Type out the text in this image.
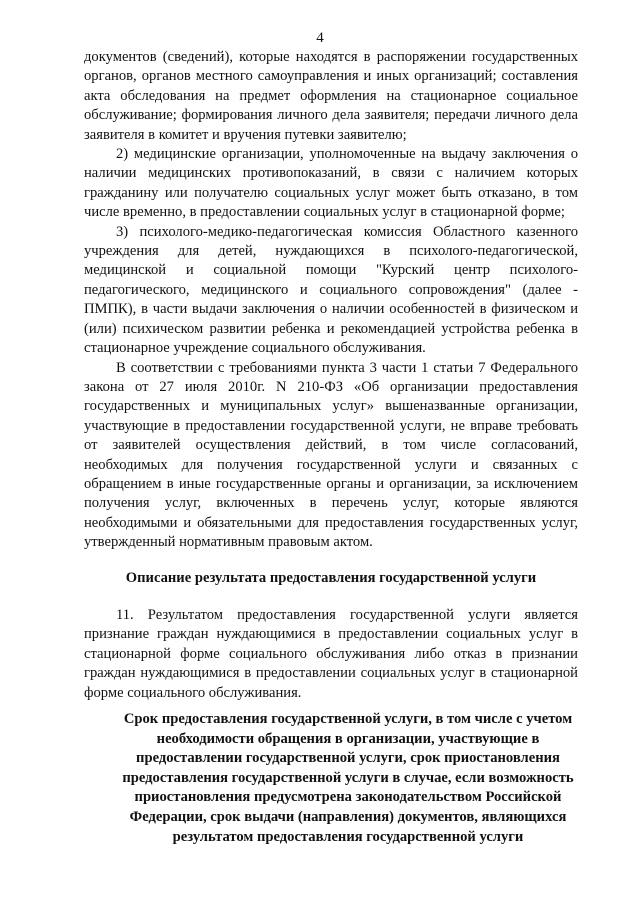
4

документов (сведений), которые находятся в распоряжении государственных органов, органов местного самоуправления и иных организаций; составления акта обследования на предмет оформления на стационарное социальное обслуживание; формирования личного дела заявителя; передачи личного дела заявителя в комитет и вручения путевки заявителю;

2) медицинские организации, уполномоченные на выдачу заключения о наличии медицинских противопоказаний, в связи с наличием которых гражданину или получателю социальных услуг может быть отказано, в том числе временно, в предоставлении социальных услуг в стационарной форме;

3) психолого-медико-педагогическая комиссия Областного казенного учреждения для детей, нуждающихся в психолого-педагогической, медицинской и социальной помощи "Курский центр психолого-педагогического, медицинского и социального сопровождения" (далее - ПМПК), в части выдачи заключения о наличии особенностей в физическом и (или) психическом развитии ребенка и рекомендацией устройства ребенка в стационарное учреждение социального обслуживания.

В соответствии с требованиями пункта 3 части 1 статьи 7 Федерального закона от 27 июля 2010г. N 210-ФЗ «Об организации предоставления государственных и муниципальных услуг» вышеназванные организации, участвующие в предоставлении государственной услуги, не вправе требовать от заявителей осуществления действий, в том числе согласований, необходимых для получения государственной услуги и связанных с обращением в иные государственные органы и организации, за исключением получения услуг, включенных в перечень услуг, которые являются необходимыми и обязательными для предоставления государственных услуг, утвержденный нормативным правовым актом.

Описание результата предоставления государственной услуги

11. Результатом предоставления государственной услуги является признание граждан нуждающимися в предоставлении социальных услуг в стационарной форме социального обслуживания либо отказ в признании граждан нуждающимися в предоставлении социальных услуг в стационарной форме социального обслуживания.

Срок предоставления государственной услуги, в том числе с учетом необходимости обращения в организации, участвующие в предоставлении государственной услуги, срок приостановления предоставления государственной услуги в случае, если возможность приостановления предусмотрена законодательством Российской Федерации, срок выдачи (направления) документов, являющихся результатом предоставления государственной услуги
